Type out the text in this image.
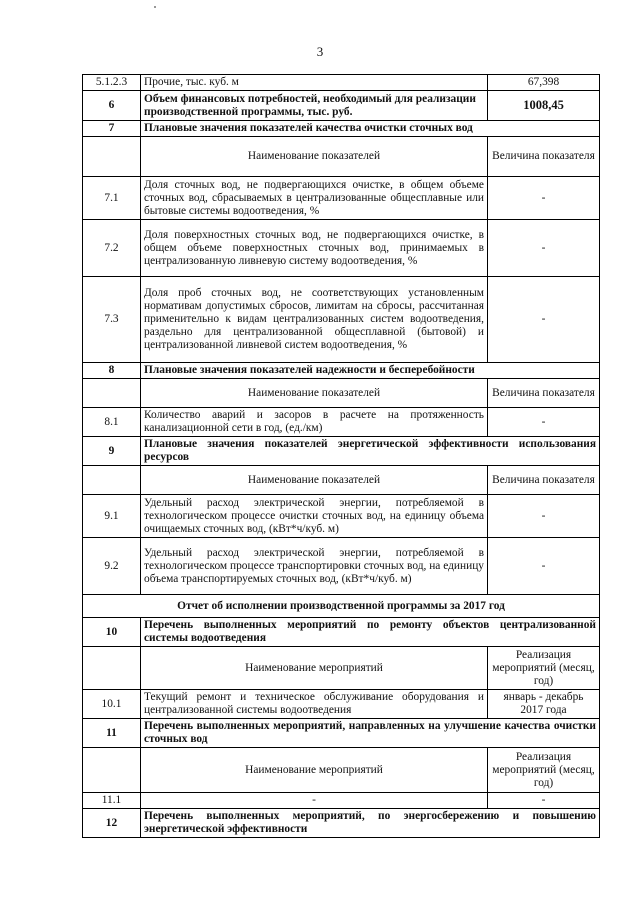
3
5.1.2.3	Прочие, тыс. куб. м	67,398
6	Объем финансовых потребностей, необходимый для реализации производственной программы, тыс. руб.	1008,45
7	Плановые значения показателей качества очистки сточных вод	
	Наименование показателей	Величина показателя
7.1	Доля сточных вод, не подвергающихся очистке, в общем объеме сточных вод, сбрасываемых в централизованные общесплавные или бытовые системы водоотведения, %	-
7.2	Доля поверхностных сточных вод, не подвергающихся очистке, в общем объеме поверхностных сточных вод, принимаемых в централизованную ливневую систему водоотведения, %	-
7.3	Доля проб сточных вод, не соответствующих установленным нормативам допустимых сбросов, лимитам на сбросы, рассчитанная применительно к видам централизованных систем водоотведения, раздельно для централизованной общесплавной (бытовой) и централизованной ливневой систем водоотведения, %	-
8	Плановые значения показателей надежности и бесперебойности	
	Наименование показателей	Величина показателя
8.1	Количество аварий и засоров в расчете на протяженность канализационной сети в год, (ед./км)	-
9	Плановые значения показателей энергетической эффективности использования ресурсов	
	Наименование показателей	Величина показателя
9.1	Удельный расход электрической энергии, потребляемой в технологическом процессе очистки сточных вод, на единицу объема очищаемых сточных вод, (кВт*ч/куб. м)	-
9.2	Удельный расход электрической энергии, потребляемой в технологическом процессе транспортировки сточных вод, на единицу объема транспортируемых сточных вод, (кВт*ч/куб. м)	-
Отчет об исполнении производственной программы за 2017 год		
10	Перечень выполненных мероприятий по ремонту объектов централизованной системы водоотведения	
	Наименование мероприятий	Реализация мероприятий (месяц, год)
10.1	Текущий ремонт и техническое обслуживание оборудования и централизованной системы водоотведения	январь - декабрь 2017 года
11	Перечень выполненных мероприятий, направленных на улучшение качества очистки сточных вод	
	Наименование мероприятий	Реализация мероприятий (месяц, год)
11.1	-	-
12	Перечень выполненных мероприятий, по энергосбережению и повышению энергетической эффективности	
